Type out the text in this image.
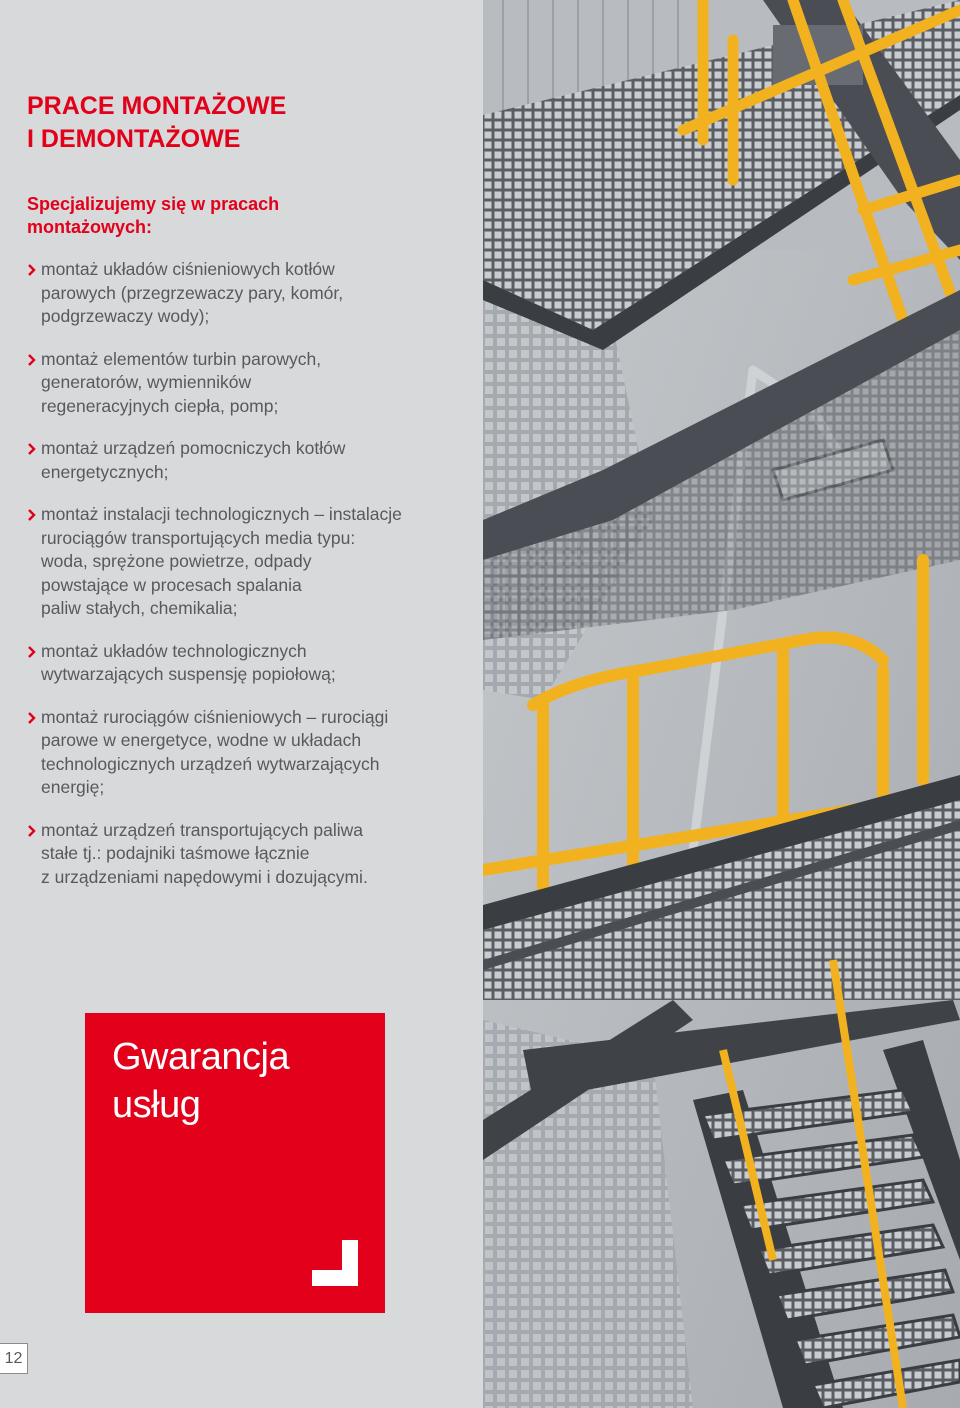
PRACE MONTAŻOWE
I DEMONTAŻOWE

Specjalizujemy się w pracach
montażowych:

montaż układów ciśnieniowych kotłów
parowych (przegrzewaczy pary, komór,
podgrzewaczy wody);
montaż elementów turbin parowych,
generatorów, wymienników
regeneracyjnych ciepła, pomp;
montaż urządzeń pomocniczych kotłów
energetycznych;
montaż instalacji technologicznych – instalacje
rurociągów transportujących media typu:
woda, sprężone powietrze, odpady
powstające w procesach spalania
paliw stałych, chemikalia;
montaż układów technologicznych
wytwarzających suspensję popiołową;
montaż rurociągów ciśnieniowych – rurociągi
parowe w energetyce, wodne w układach
technologicznych urządzeń wytwarzających
energię;
montaż urządzeń transportujących paliwa
stałe tj.: podajniki taśmowe łącznie
z urządzeniami napędowymi i dozującymi.

Gwarancja
usług

12
